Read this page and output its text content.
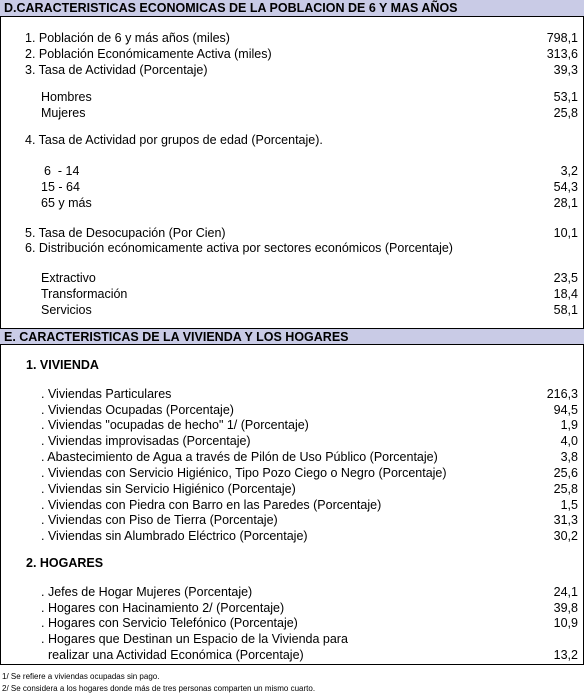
D.CARACTERISTICAS ECONOMICAS DE LA POBLACION DE 6 Y MAS AÑOS
1. Población de 6 y más años (miles)	798,1
2. Población Económicamente Activa (miles)	313,6
3. Tasa de Actividad (Porcentaje)	39,3
Hombres	53,1
Mujeres	25,8
4. Tasa de Actividad por grupos de edad (Porcentaje).
6  - 14	3,2
15 - 64	54,3
65 y más	28,1
5. Tasa de Desocupación (Por Cien)	10,1
6. Distribución ecónomicamente activa por sectores económicos (Porcentaje)
Extractivo	23,5
Transformación	18,4
Servicios	58,1
E. CARACTERISTICAS DE LA VIVIENDA Y LOS HOGARES
1. VIVIENDA
. Viviendas Particulares	216,3
. Viviendas Ocupadas (Porcentaje)	94,5
. Viviendas "ocupadas de hecho" 1/ (Porcentaje)	1,9
. Viviendas improvisadas (Porcentaje)	4,0
. Abastecimiento de Agua a través de Pilón de Uso Público (Porcentaje)	3,8
. Viviendas con Servicio Higiénico, Tipo Pozo Ciego o Negro (Porcentaje)	25,6
. Viviendas sin Servicio Higiénico (Porcentaje)	25,8
. Viviendas con Piedra con Barro en las Paredes (Porcentaje)	1,5
. Viviendas con Piso de Tierra (Porcentaje)	31,3
. Viviendas sin Alumbrado Eléctrico (Porcentaje)	30,2
2. HOGARES
. Jefes de Hogar Mujeres (Porcentaje)	24,1
. Hogares con Hacinamiento 2/ (Porcentaje)	39,8
. Hogares con Servicio Telefónico (Porcentaje)	10,9
. Hogares que Destinan un Espacio de la Vivienda para
realizar una Actividad Económica (Porcentaje)	13,2
1/ Se refiere a viviendas ocupadas sin pago.
2/ Se considera a los hogares donde más de tres personas comparten un mismo cuarto.
